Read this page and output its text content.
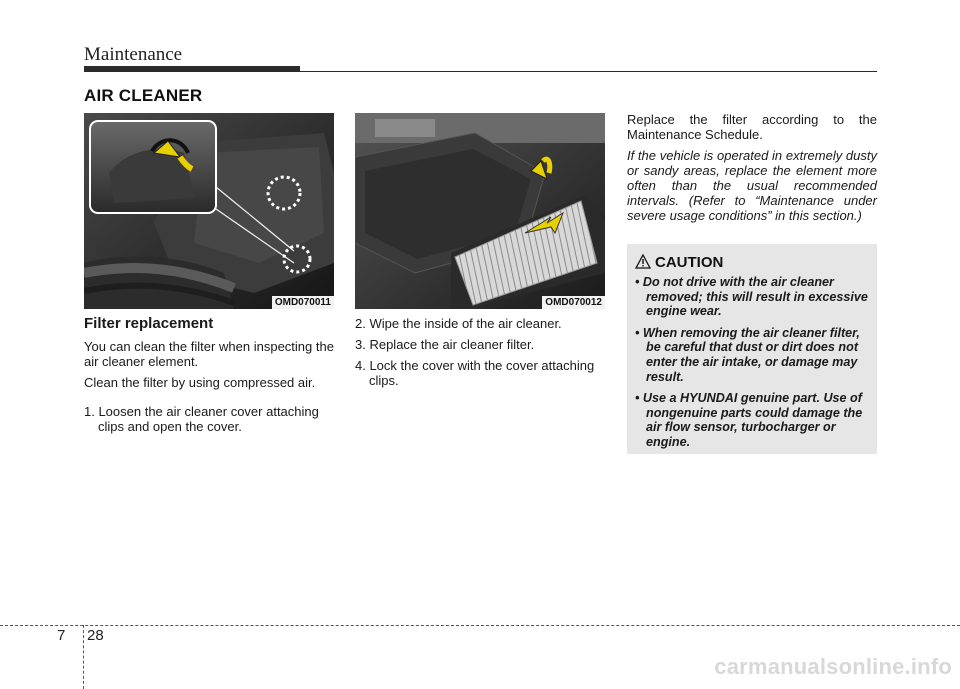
Maintenance
AIR CLEANER
OMD070011	OMD070012
Filter replacement

You can clean the filter when inspecting the air cleaner element.

Clean the filter by using compressed air.

1. Loosen the air cleaner cover attaching clips and open the cover.

2. Wipe the inside of the air cleaner.

3. Replace the air cleaner filter.

4. Lock the cover with the cover attaching clips.

Replace the filter according to the Maintenance Schedule.

If the vehicle is operated in extremely dusty or sandy areas, replace the element more often than the usual recommended intervals. (Refer to “Maintenance under severe usage conditions” in this section.)

CAUTION
• Do not drive with the air cleaner removed; this will result in excessive engine wear.
• When removing the air cleaner filter, be careful that dust or dirt does not enter the air intake, or damage may result.
• Use a HYUNDAI genuine part. Use of nongenuine parts could damage the air flow sensor, turbocharger or engine.
7 28
carmanualsonline.info
